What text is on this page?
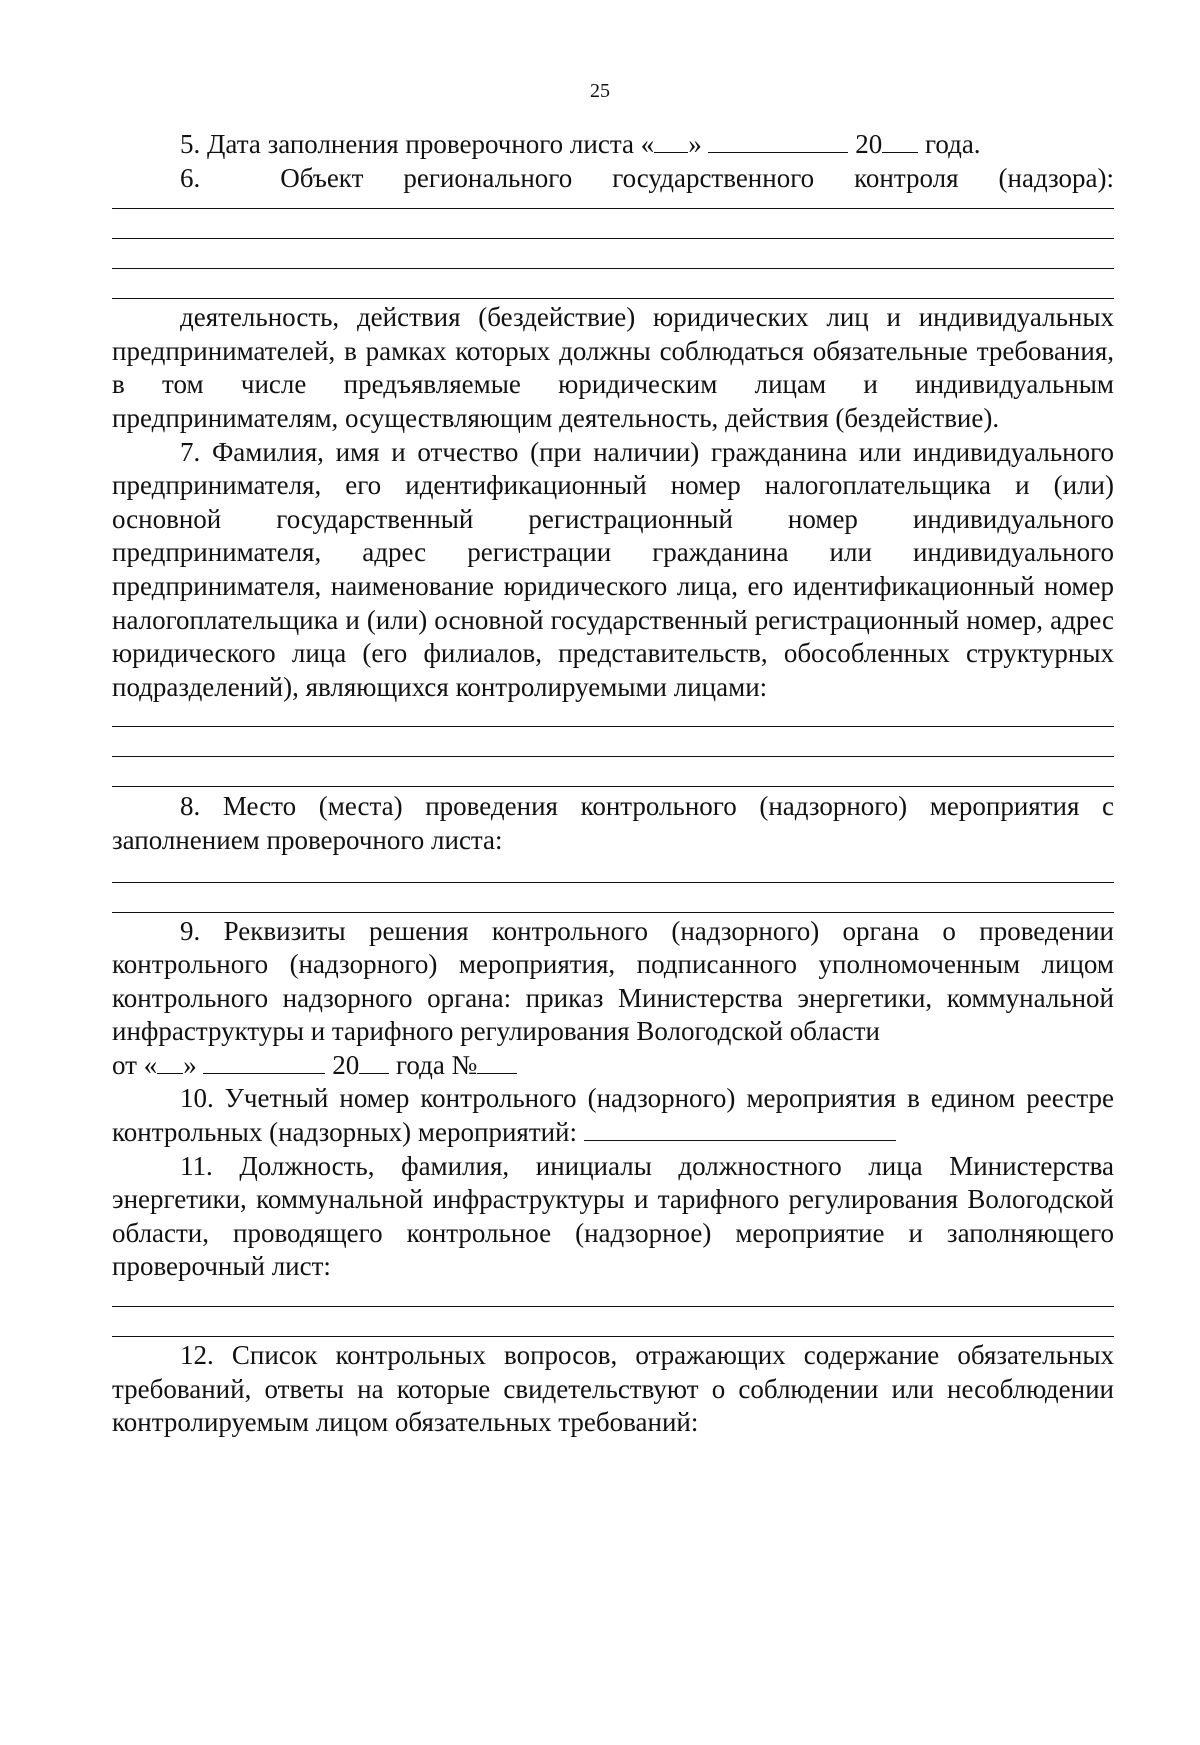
25

5. Дата заполнения проверочного листа « »	20 года.

6.  Объект регионального государственного контроля (надзора):

деятельность, действия (бездействие) юридических лиц и индивидуальных предпринимателей, в рамках которых должны соблюдаться обязательные требования, в том числе предъявляемые юридическим лицам и индивидуальным предпринимателям, осуществляющим деятельность, действия (бездействие).

7. Фамилия, имя и отчество (при наличии) гражданина или индивидуального предпринимателя, его идентификационный номер налогоплательщика и (или) основной государственный регистрационный номер индивидуального предпринимателя, адрес регистрации гражданина или индивидуального предпринимателя, наименование юридического лица, его идентификационный номер налогоплательщика и (или) основной государственный регистрационный номер, адрес юридического лица (его филиалов, представительств, обособленных структурных подразделений), являющихся контролируемыми лицами:

8. Место (места) проведения контрольного (надзорного) мероприятия с заполнением проверочного листа:

9. Реквизиты решения контрольного (надзорного) органа о проведении контрольного (надзорного) мероприятия, подписанного уполномоченным лицом контрольного надзорного органа: приказ Министерства энергетики, коммунальной инфраструктуры и тарифного регулирования Вологодской области

от « »	20 года №

10. Учетный номер контрольного (надзорного) мероприятия в едином реестре контрольных (надзорных) мероприятий:

11. Должность, фамилия, инициалы должностного лица Министерства энергетики, коммунальной инфраструктуры и тарифного регулирования Вологодской области, проводящего контрольное (надзорное) мероприятие и заполняющего проверочный лист:

12. Список контрольных вопросов, отражающих содержание обязательных требований, ответы на которые свидетельствуют о соблюдении или несоблюдении контролируемым лицом обязательных требований:
